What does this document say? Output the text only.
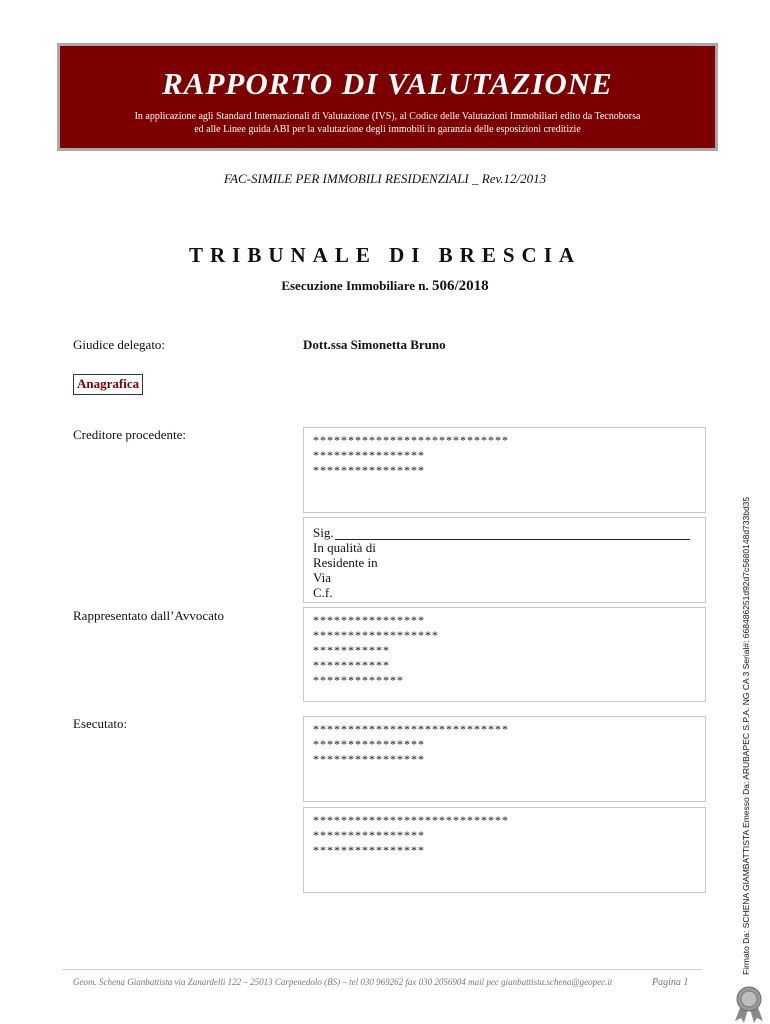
RAPPORTO DI VALUTAZIONE
In applicazione agli Standard Internazionali di Valutazione (IVS), al Codice delle Valutazioni Immobiliari edito da Tecnoborsa
ed alle Linee guida ABI per la valutazione degli immobili in garanzia delle esposizioni creditizie
FAC-SIMILE PER IMMOBILI RESIDENZIALI _ Rev.12/2013
TRIBUNALE DI BRESCIA
Esecuzione Immobiliare n. 506/2018
Giudice delegato:	Dott.ssa Simonetta Bruno
Anagrafica
Creditore procedente:	****************************
****************
****************
Sig.
In qualità di
Residente in
Via
C.f.
Rappresentato dall’Avvocato	****************
******************
***********
***********
*************
Esecutato:	****************************
****************
****************
****************************
****************
****************
Geom. Schena Gianbattista via Zanardelli 122 – 25013 Carpenedolo (BS) – tel 030 969262 fax 030 2056904 mail pec gianbattista.schena@geopec.it	Pagina 1
Firmato Da: SCHENA GIAMBATTISTA Emesso Da: ARUBAPEC S.P.A. NG CA 3 Serial#: 668486251d92d7c5680148d733bd35
